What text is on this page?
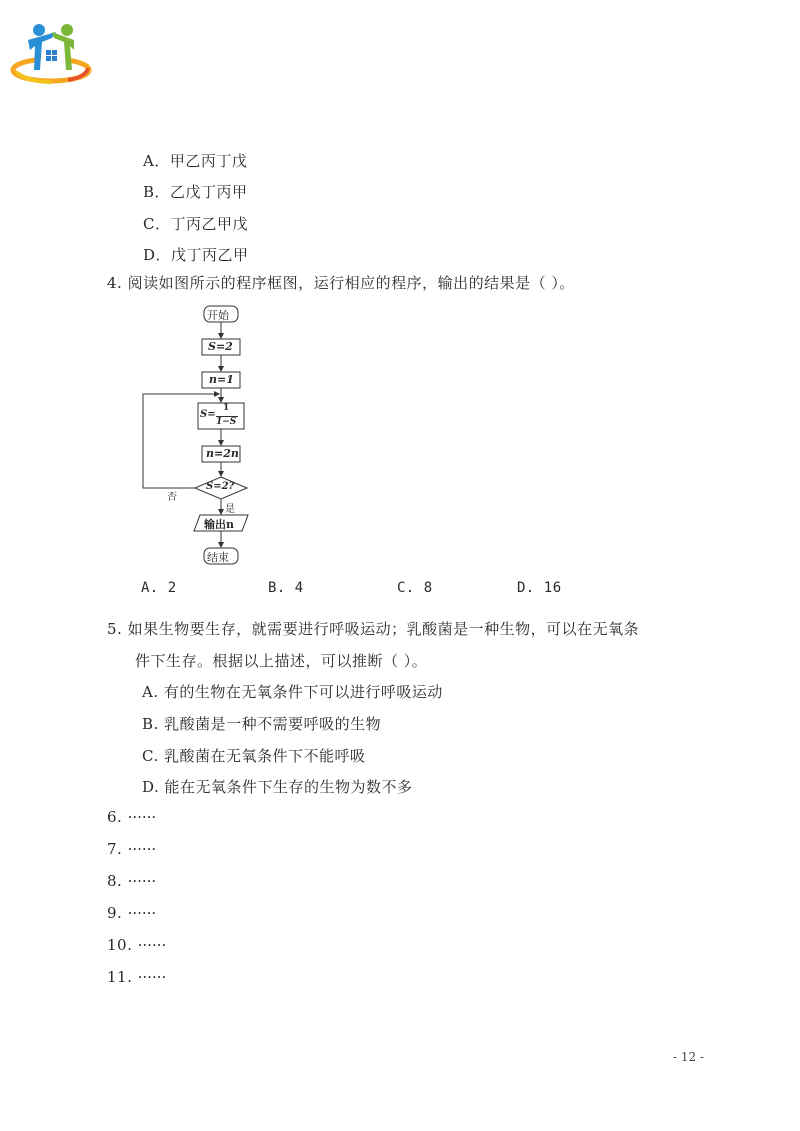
A．甲乙丙丁戊
B．乙戊丁丙甲
C．丁丙乙甲戊
D．戊丁丙乙甲
4. 阅读如图所示的程序框图，运行相应的程序，输出的结果是（ ）。
开始
S=2
n=1
S=
1
1−S
n=2n
S=2?
否
是
输出n
结束
A. 2	B. 4	C. 8	D. 16
5. 如果生物要生存，就需要进行呼吸运动；乳酸菌是一种生物，可以在无氧条
件下生存。根据以上描述，可以推断（ ）。
A. 有的生物在无氧条件下可以进行呼吸运动
B. 乳酸菌是一种不需要呼吸的生物
C. 乳酸菌在无氧条件下不能呼吸
D. 能在无氧条件下生存的生物为数不多
6. ······
7. ······
8. ······
9. ······
10. ······
11. ······
- 12 -
